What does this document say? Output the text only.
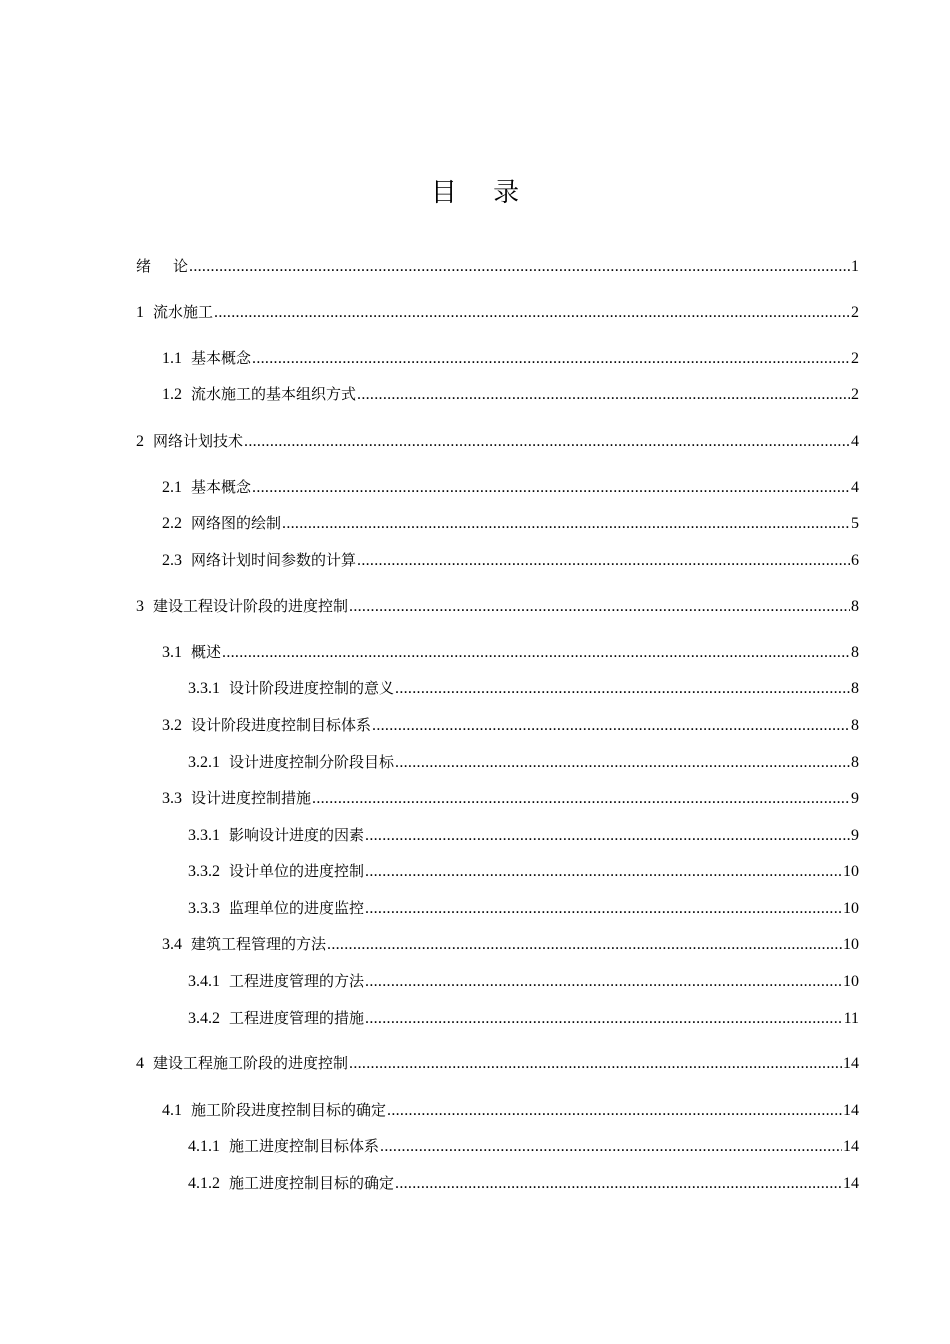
目 录
绪论 .....	1
1 流水施工 .....	2
1.1 基本概念 .....	2
1.2 流水施工的基本组织方式 .....	2
2 网络计划技术 .....	4
2.1 基本概念 .....	4
2.2 网络图的绘制 .....	5
2.3 网络计划时间参数的计算 .....	6
3 建设工程设计阶段的进度控制 .....	8
3.1 概述 .....	8
3.3.1 设计阶段进度控制的意义 .....	8
3.2 设计阶段进度控制目标体系 .....	8
3.2.1 设计进度控制分阶段目标 .....	8
3.3 设计进度控制措施 .....	9
3.3.1 影响设计进度的因素 .....	9
3.3.2 设计单位的进度控制 .....	10
3.3.3 监理单位的进度监控 .....	10
3.4 建筑工程管理的方法 .....	10
3.4.1 工程进度管理的方法 .....	10
3.4.2 工程进度管理的措施 .....	11
4 建设工程施工阶段的进度控制 .....	14
4.1 施工阶段进度控制目标的确定 .....	14
4.1.1 施工进度控制目标体系 .....	14
4.1.2 施工进度控制目标的确定 .....	14
